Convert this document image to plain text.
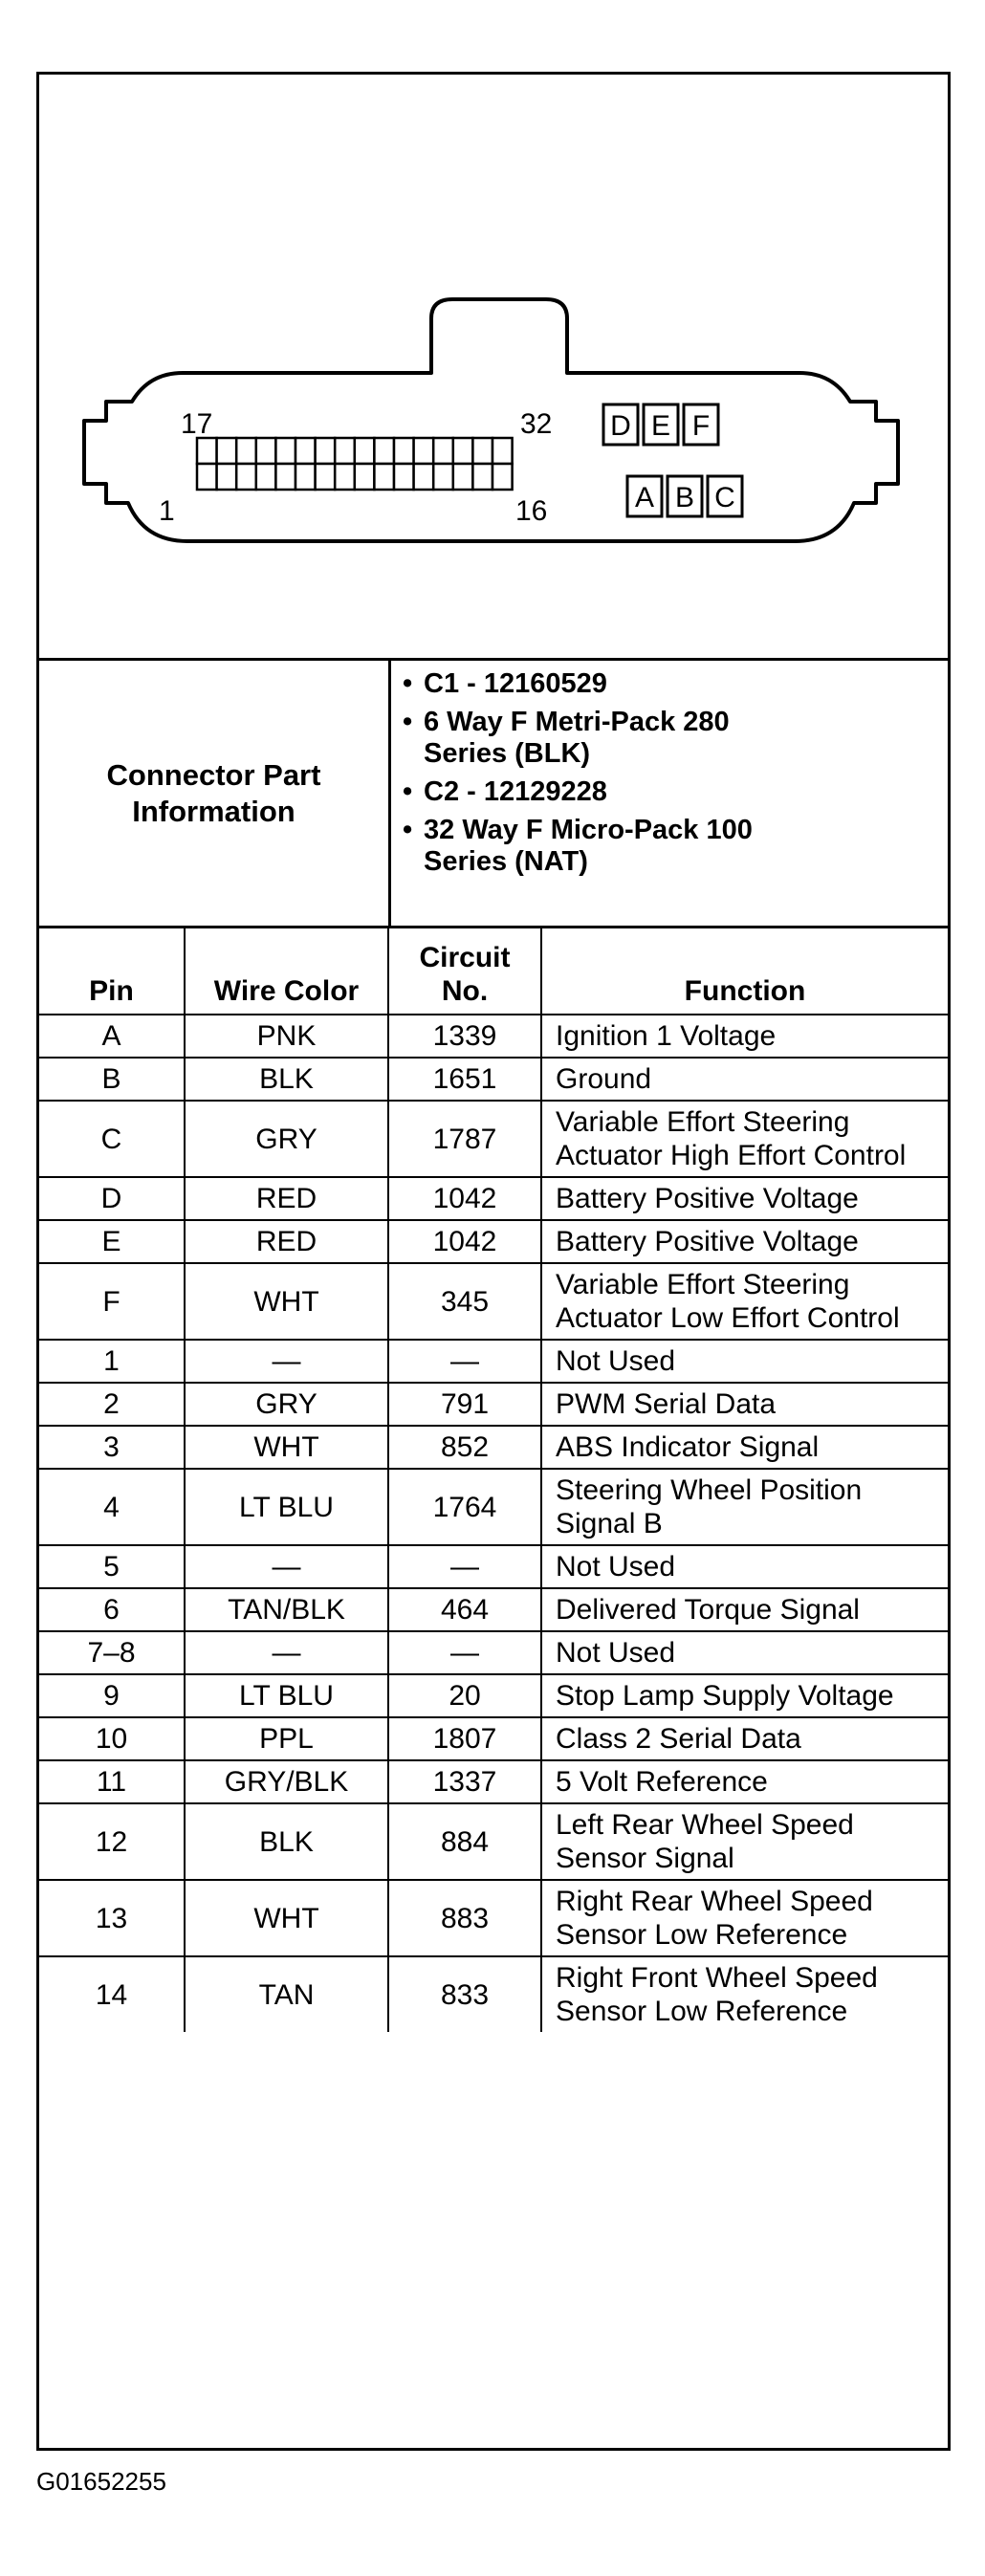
17	32
1	16
D E F
A B C
Connector Part Information
• C1 - 12160529
• 6 Way F Metri-Pack 280 Series (BLK)
• C2 - 12129228
• 32 Way F Micro-Pack 100 Series (NAT)
Pin	Wire Color	Circuit No.	Function
A	PNK	1339	Ignition 1 Voltage
B	BLK	1651	Ground
C	GRY	1787	Variable Effort Steering Actuator High Effort Control
D	RED	1042	Battery Positive Voltage
E	RED	1042	Battery Positive Voltage
F	WHT	345	Variable Effort Steering Actuator Low Effort Control
1	—	—	Not Used
2	GRY	791	PWM Serial Data
3	WHT	852	ABS Indicator Signal
4	LT BLU	1764	Steering Wheel Position Signal B
5	—	—	Not Used
6	TAN/BLK	464	Delivered Torque Signal
7–8	—	—	Not Used
9	LT BLU	20	Stop Lamp Supply Voltage
10	PPL	1807	Class 2 Serial Data
11	GRY/BLK	1337	5 Volt Reference
12	BLK	884	Left Rear Wheel Speed Sensor Signal
13	WHT	883	Right Rear Wheel Speed Sensor Low Reference
14	TAN	833	Right Front Wheel Speed Sensor Low Reference
G01652255
